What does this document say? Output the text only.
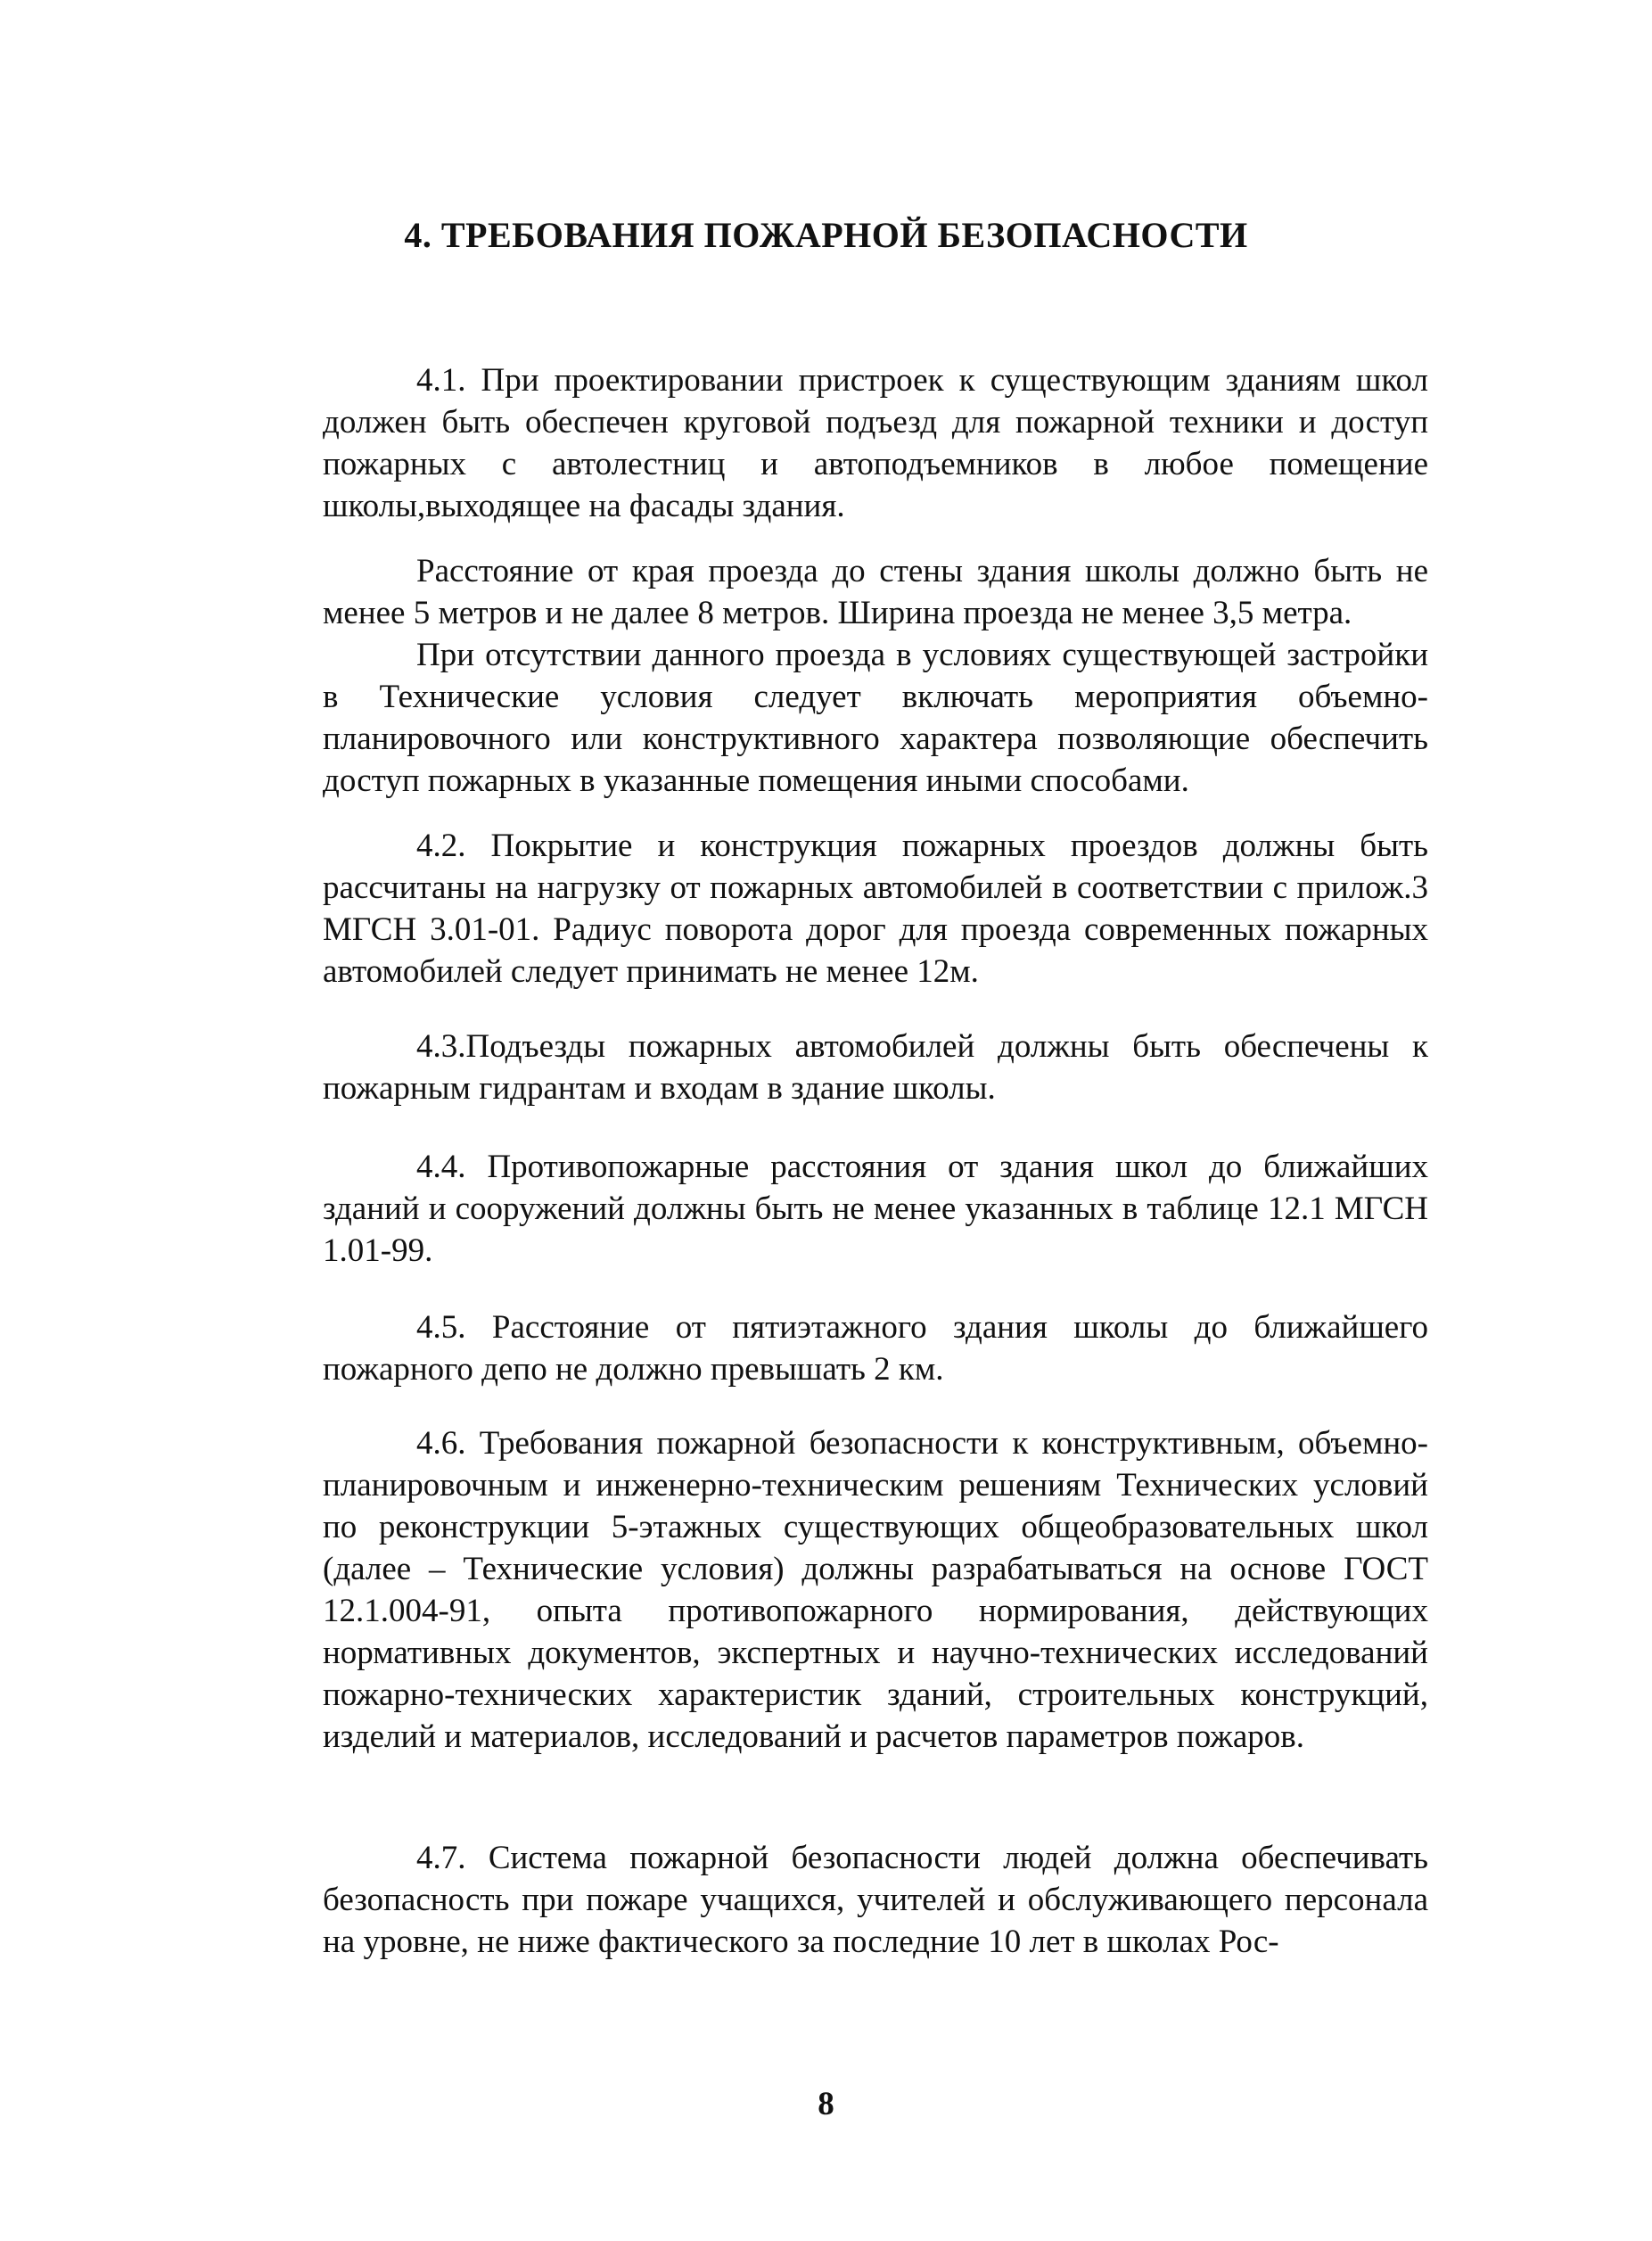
4. ТРЕБОВАНИЯ ПОЖАРНОЙ БЕЗОПАСНОСТИ

4.1. При проектировании пристроек к существующим зданиям школ должен быть обеспечен круговой подъезд для пожарной техники и доступ пожарных с автолестниц и автоподъемников в любое помещение школы,выходящее на фасады здания.

Расстояние от края проезда до стены здания школы должно быть не менее 5 метров и не далее 8 метров. Ширина проезда не менее 3,5 метра.

При отсутствии данного проезда в условиях существующей застройки в Технические условия следует включать мероприятия объемно-планировочного или конструктивного характера позволяющие обеспечить доступ пожарных в указанные помещения иными способами.

4.2. Покрытие и конструкция пожарных проездов должны быть рассчитаны на нагрузку от пожарных автомобилей в соответствии с прилож.3 МГСН 3.01-01. Радиус поворота дорог для проезда современных пожарных автомобилей следует принимать не менее 12м.

4.3.Подъезды пожарных автомобилей должны быть обеспечены к пожарным гидрантам и входам в здание школы.

4.4. Противопожарные расстояния от здания школ до ближайших зданий и сооружений должны быть не менее указанных в таблице 12.1 МГСН 1.01-99.

4.5. Расстояние от пятиэтажного здания школы до ближайшего пожарного депо не должно превышать 2 км.

4.6. Требования пожарной безопасности к конструктивным, объемно-планировочным и инженерно-техническим решениям Технических условий по реконструкции 5-этажных существующих общеобразовательных школ (далее – Технические условия) должны разрабатываться на основе ГОСТ 12.1.004-91, опыта противопожарного нормирования, действующих нормативных документов, экспертных и научно-технических исследований пожарно-технических характеристик зданий, строительных конструкций, изделий и материалов, исследований и расчетов параметров пожаров.

4.7. Система пожарной безопасности людей должна обеспечивать безопасность при пожаре учащихся, учителей и обслуживающего персонала на уровне, не ниже фактического за последние 10 лет в школах Рос-

8
